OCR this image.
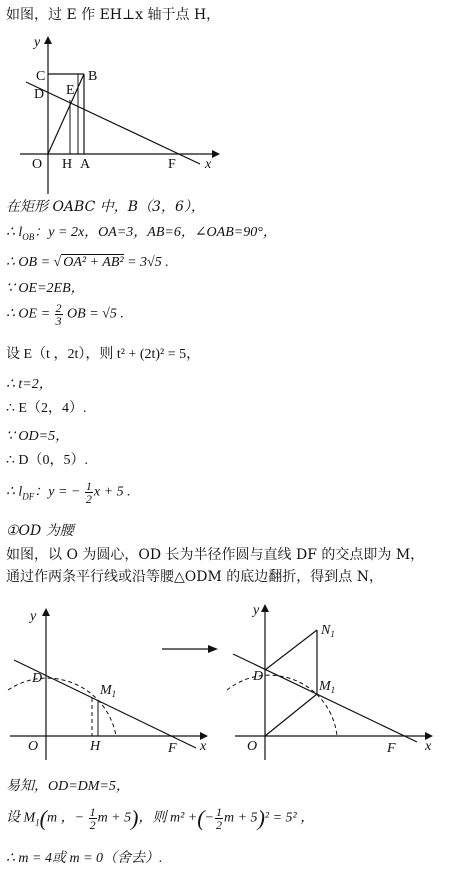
如图，过 E 作 EH⊥x 轴于点 H，
y
C	B
D E
O H A	F x
在矩形 OABC 中，B（3，6），
∴ $l_{OB}$：y = 2x，OA=3，AB=6，∠OAB=90°，
∴ OB = √ OA² + AB² = 3√5 .
∵ OE=2EB，
∴ OE = $\frac{2}{3}$ OB = √5 .
设 E（t ，2t），则 t² + (2t)² = 5，
∴ t=2，
∴ E（2，4）.
∵ OD=5，
∴ D（0，5）.
∴ $l_{DF}$：y = − $\frac{1}{2}$ x + 5 .
①OD 为腰
如图，以 O 为圆心，OD 长为半径作圆与直线 DF 的交点即为 M，
通过作两条平行线或沿等腰△ODM 的底边翻折，得到点 N，
y
D
$M_1$
O	H	F x
y
$N_1$
D
$M_1$
O	F x
易知，OD=DM=5，
设 $M_1(m$ ，− $\frac{1}{2}$ m + 5)，则 m² +(− $\frac{1}{2}$ m + 5)² = 5² ，
∴ m = 4或 m = 0（舍去）.
